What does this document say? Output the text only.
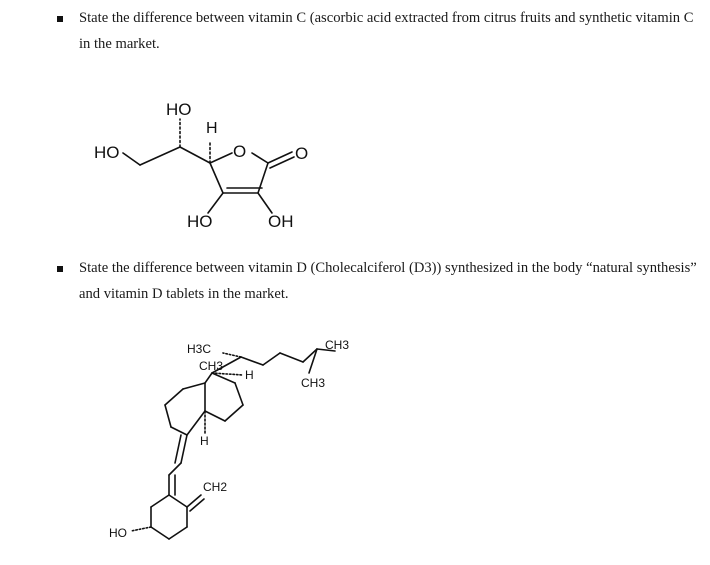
State the difference between vitamin C (ascorbic acid extracted from citrus fruits and synthetic vitamin C in the market.
HO
HO
H
O	O
HO	OH
State the difference between vitamin D (Cholecalciferol (D3)) synthesized in the body “natural synthesis” and vitamin D tablets in the market.
H3C
CH3
H
CH3
CH3
H
CH2
HO
